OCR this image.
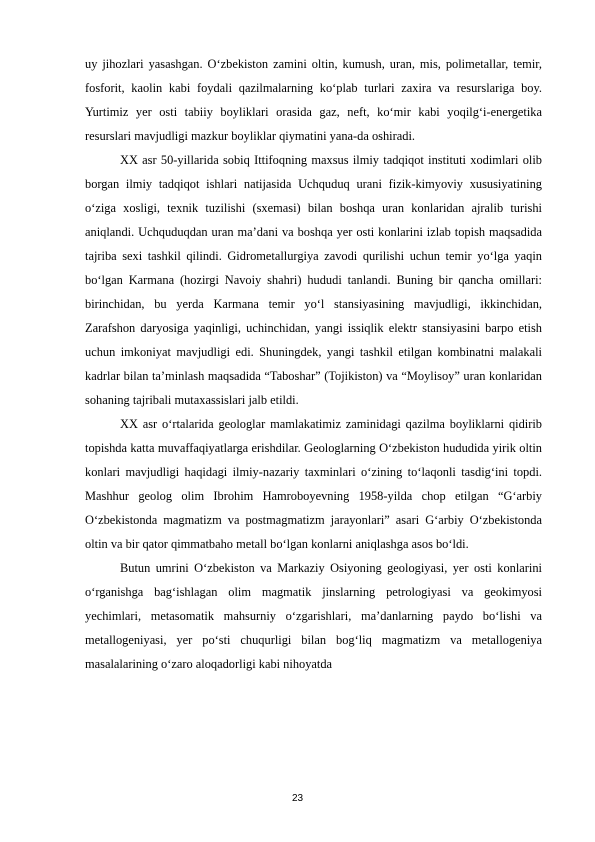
uy jihozlari yasashgan. O‘zbekiston zamini oltin, kumush, uran, mis, polimetallar, temir, fosforit, kaolin kabi foydali qazilmalarning ko‘plab turlari zaxira va resurslariga boy. Yurtimiz yer osti tabiiy boyliklari orasida gaz, neft, ko‘mir kabi yoqilg‘i-energetika resurslari mavjudligi mazkur boyliklar qiymatini yana-da oshiradi.

XX asr 50-yillarida sobiq Ittifoqning maxsus ilmiy tadqiqot instituti xodimlari olib borgan ilmiy tadqiqot ishlari natijasida Uchquduq urani fizik-kimyoviy xususiyatining o‘ziga xosligi, texnik tuzilishi (sxemasi) bilan boshqa uran konlaridan ajralib turishi aniqlandi. Uchquduqdan uran ma’dani va boshqa yer osti konlarini izlab topish maqsadida tajriba sexi tashkil qilindi. Gidrometallurgiya zavodi qurilishi uchun temir yo‘lga yaqin bo‘lgan Karmana (hozirgi Navoiy shahri) hududi tanlandi. Buning bir qancha omillari: birinchidan, bu yerda Karmana temir yo‘l stansiyasining mavjudligi, ikkinchidan, Zarafshon daryosiga yaqinligi, uchinchidan, yangi issiqlik elektr stansiyasini barpo etish uchun imkoniyat mavjudligi edi. Shuningdek, yangi tashkil etilgan kombinatni malakali kadrlar bilan ta’minlash maqsadida “Taboshar” (Tojikiston) va “Moylisoy” uran konlaridan sohaning tajribali mutaxassislari jalb etildi.

XX asr o‘rtalarida geologlar mamlakatimiz zaminidagi qazilma boyliklarni qidirib topishda katta muvaffaqiyatlarga erishdilar. Geologlarning O‘zbekiston hududida yirik oltin konlari mavjudligi haqidagi ilmiy-nazariy taxminlari o‘zining to‘laqonli tasdig‘ini topdi. Mashhur geolog olim Ibrohim Hamroboyevning 1958-yilda chop etilgan “G‘arbiy O‘zbekistonda magmatizm va postmagmatizm jarayonlari” asari G‘arbiy O‘zbekistonda oltin va bir qator qimmatbaho metall bo‘lgan konlarni aniqlashga asos bo‘ldi.

Butun umrini O‘zbekiston va Markaziy Osiyoning geologiyasi, yer osti konlarini o‘rganishga bag‘ishlagan olim magmatik jinslarning petrologiyasi va geokimyosi yechimlari, metasomatik mahsurniy o‘zgarishlari, ma’danlarning paydo bo‘lishi va metallogeniyasi, yer po‘sti chuqurligi bilan bog‘liq magmatizm va metallogeniya masalalarining o‘zaro aloqadorligi kabi nihoyatda

23
